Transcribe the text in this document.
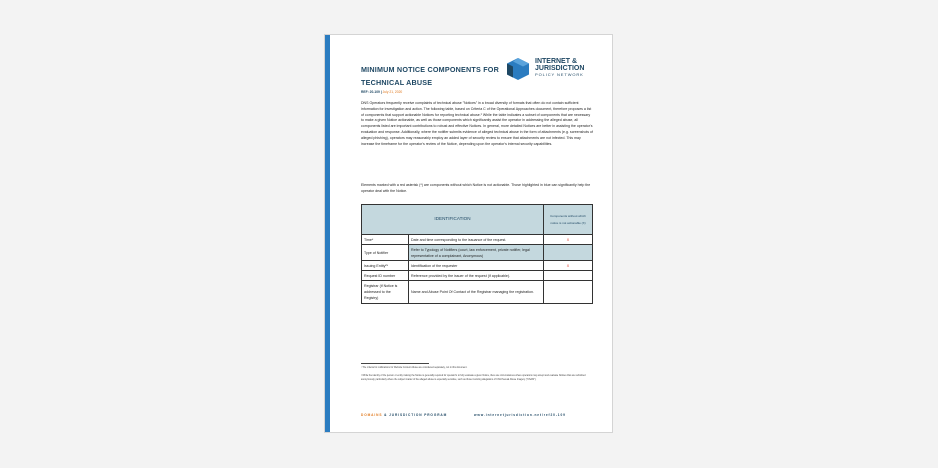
MINIMUM NOTICE COMPONENTS FOR
TECHNICAL ABUSE
INTERNET &
JURISDICTION
POLICY NETWORK
REF: 20-109 | July 21, 2020

DNS Operators frequently receive complaints of technical abuse "Notices" in a broad diversity of formats that often do not contain sufficient information for investigation and action. The following table, based on Criteria C of the Operational Approaches document, therefore proposes a list of components that support actionable Notices for reporting technical abuse.¹ While the table indicates a subset of components that are necessary to make a given Notice actionable, as well as those components which significantly assist the operator in addressing the alleged abuse, all components listed are important contributions to robust and effective Notices. In general, more detailed Notices are better in assisting the operator's evaluation and response. Additionally, where the notifier submits evidence of alleged technical abuse in the form of attachments (e.g. screenshots of alleged phishing), operators may reasonably employ an added layer of security review to ensure that attachments are not infected. This may increase the timeframe for the operator's review of the Notice, depending upon the operator's internal security capabilities.

Elements marked with a red asterisk (*) are components without which Notice is not actionable. Those highlighted in blue can significantly help the operator deal with the Notice.

IDENTIFICATION		Components without which notice is not actionable (X)
Time*	Date and time corresponding to the issuance of the request.	X
Type of Notifier	Refer to Typology of Notifiers (court, law enforcement, private notifier, legal representative of a complainant, Anonymous)	
Issuing Entity²*	Identification of the requester	X
Request ID number	Reference provided by the issuer of the request (if applicable).	
Registrar (if Notice is addressed to the Registry)	Name and Abuse Point Of Contact of the Registrar managing the registration.	

¹ The criteria for notifications for Website Content Abuse are considered separately, not in this document.

² While the identity of the person or entity making the Notice is generally required for operator's to fully evaluate a given Notice, there are circumstances where operators may accept and evaluate Notices that are submitted anonymously, particularly where the subject matter of the alleged abuse is especially sensitive, such as those involving allegations of Child Sexual Abuse Imagery ("CSAM").

DOMAINS & JURISDICTION PROGRAM	www.internetjurisdiction.net/ref20-109
